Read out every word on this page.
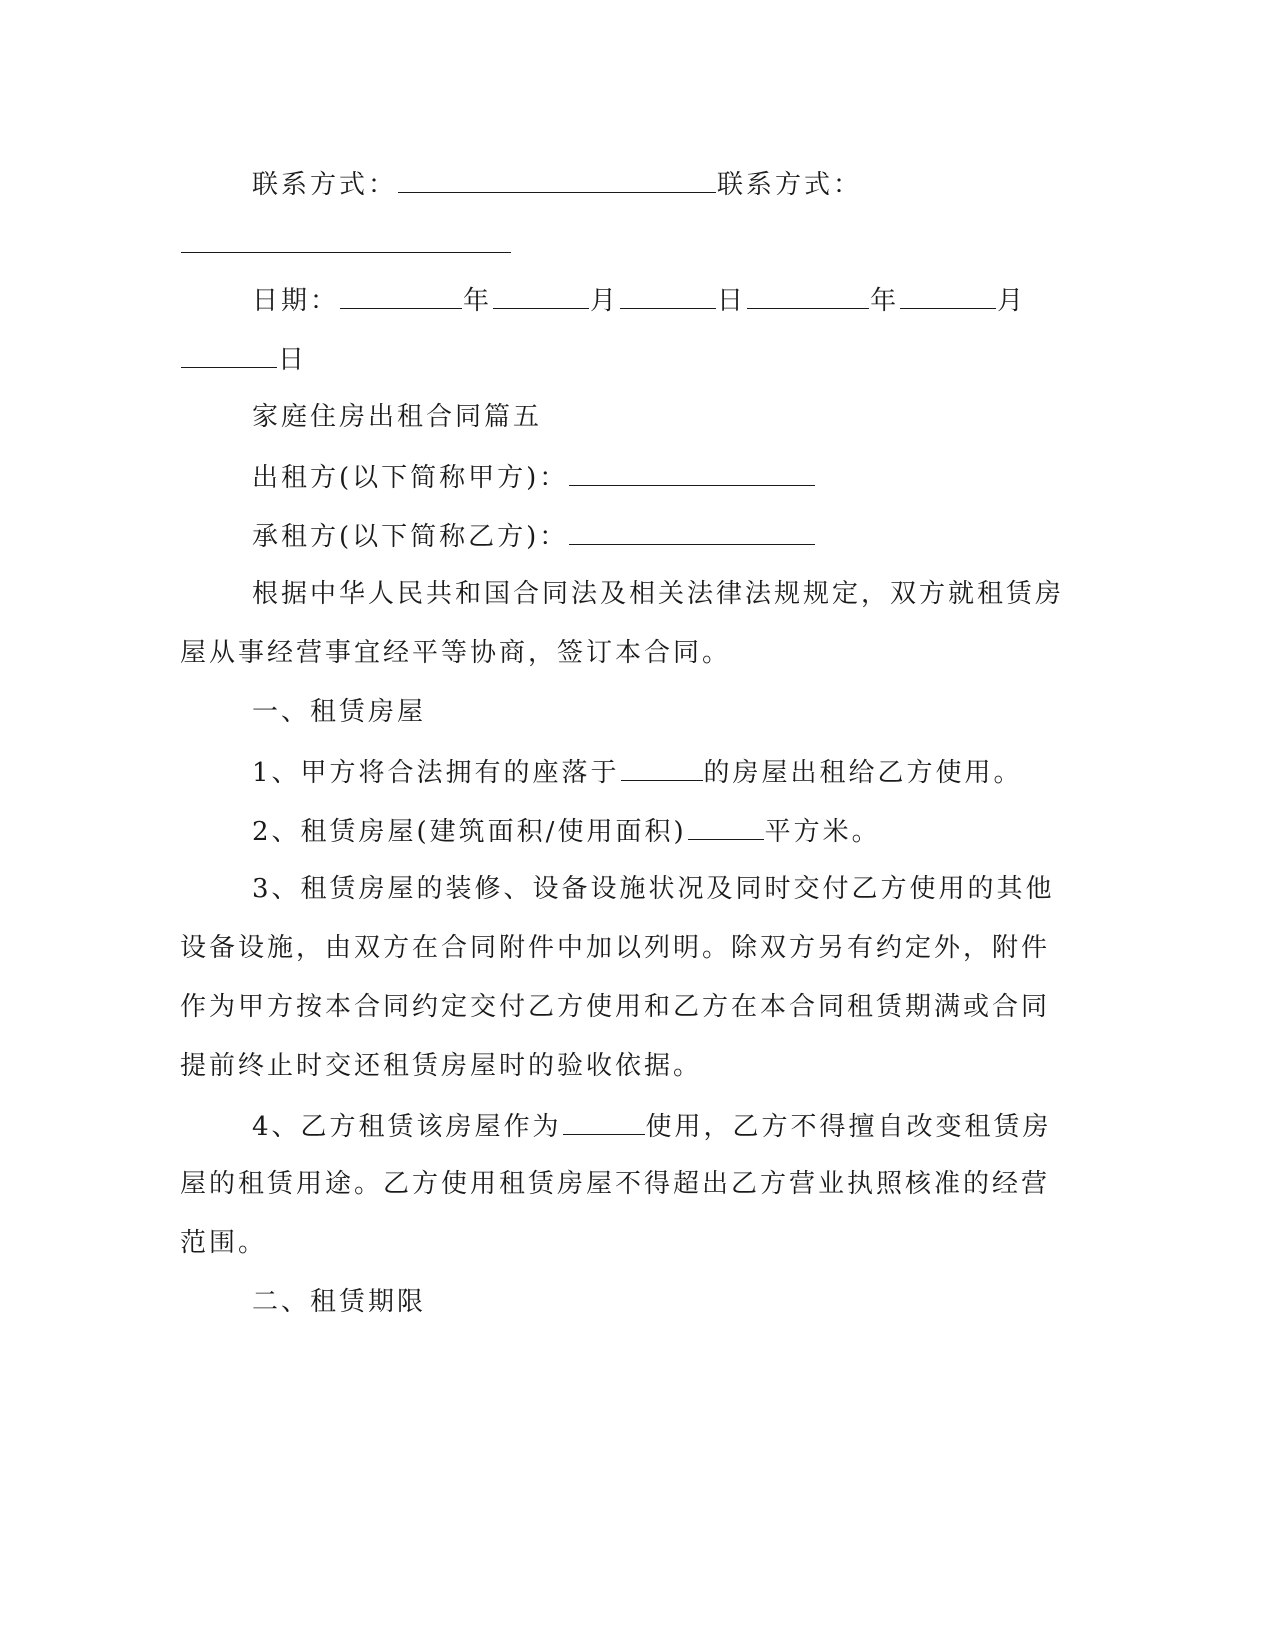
联系方式：	联系方式：
日期：	年	月	日	年	月
日
家庭住房出租合同篇五
出租方(以下简称甲方)：
承租方(以下简称乙方)：
根据中华人民共和国合同法及相关法律法规规定，双方就租赁房
屋从事经营事宜经平等协商，签订本合同。
一、租赁房屋
1、甲方将合法拥有的座落于	的房屋出租给乙方使用。
2、租赁房屋(建筑面积/使用面积)	平方米。
3、租赁房屋的装修、设备设施状况及同时交付乙方使用的其他
设备设施，由双方在合同附件中加以列明。除双方另有约定外，附件
作为甲方按本合同约定交付乙方使用和乙方在本合同租赁期满或合同
提前终止时交还租赁房屋时的验收依据。
4、乙方租赁该房屋作为	使用，乙方不得擅自改变租赁房
屋的租赁用途。乙方使用租赁房屋不得超出乙方营业执照核准的经营
范围。
二、租赁期限
